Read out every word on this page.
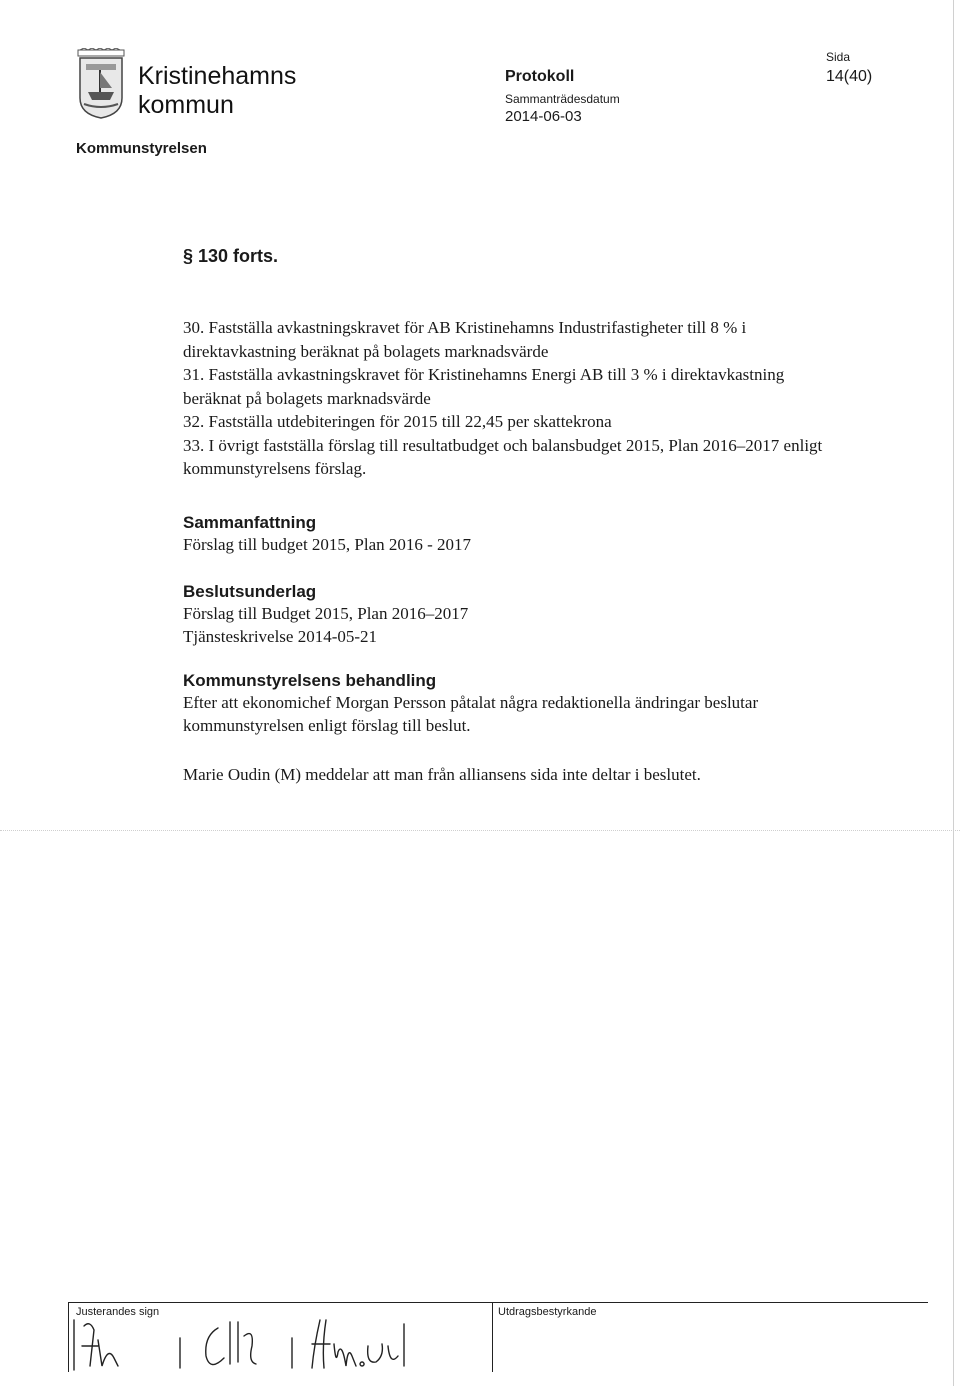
Kristinehamns
kommun
Protokoll
Sammanträdesdatum
2014-06-03
Sida
14(40)
Kommunstyrelsen
§ 130 forts.

30. Fastställa avkastningskravet för AB Kristinehamns Industrifastigheter till 8 % i direktavkastning beräknat på bolagets marknadsvärde

31. Fastställa avkastningskravet för Kristinehamns Energi AB till 3 % i direktavkastning beräknat på bolagets marknadsvärde

32. Fastställa utdebiteringen för 2015 till 22,45 per skattekrona

33. I övrigt fastställa förslag till resultatbudget och balansbudget 2015, Plan 2016–2017 enligt kommunstyrelsens förslag.

Sammanfattning
Förslag till budget 2015, Plan 2016 - 2017
Beslutsunderlag
Förslag till Budget 2015, Plan 2016–2017
Tjänsteskrivelse 2014-05-21
Kommunstyrelsens behandling
Efter att ekonomichef Morgan Persson påtalat några redaktionella ändringar beslutar kommunstyrelsen enligt förslag till beslut.
Marie Oudin (M) meddelar att man från alliansens sida inte deltar i beslutet.
Justerandes sign	Utdragsbestyrkande
